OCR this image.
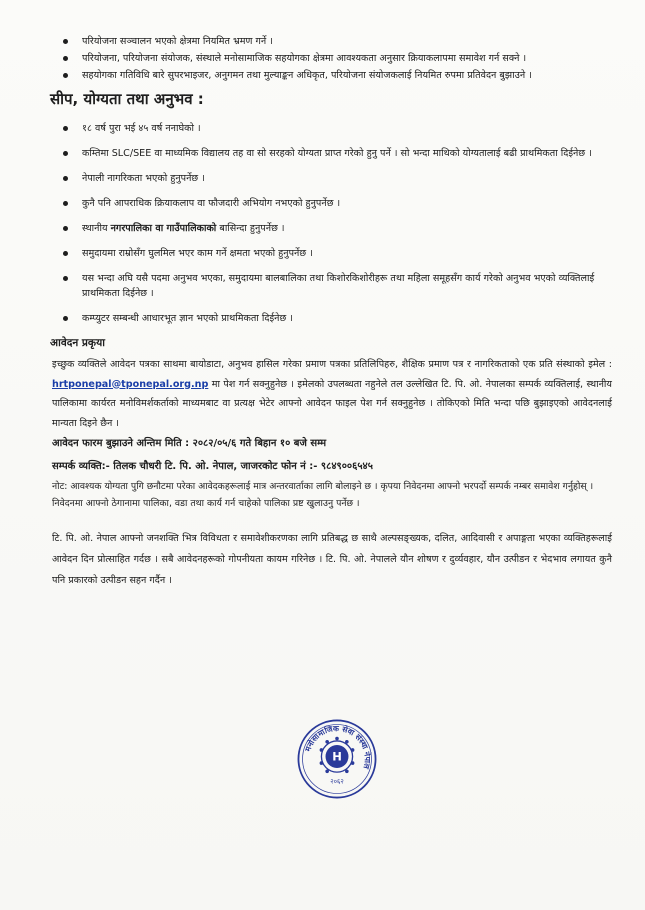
परियोजना सञ्चालन भएको क्षेत्रमा नियमित भ्रमण गर्ने ।
परियोजना, परियोजना संयोजक, संस्थाले मनोसामाजिक सहयोगका क्षेत्रमा आवश्यकता अनुसार क्रियाकलापमा समावेश गर्न सक्ने ।
सहयोगका गतिविधि बारे सुपरभाइजर, अनुगमन तथा मुल्याङ्कन अधिकृत, परियोजना संयोजकलाई नियमित रुपमा प्रतिवेदन बुझाउने ।
सीप, योग्यता तथा अनुभव :
१८ वर्ष पुरा भई ४५ वर्ष ननाघेको ।
कम्तिमा SLC/SEE वा माध्यमिक विद्यालय तह वा सो सरहको योग्यता प्राप्त गरेको हुनु पर्ने । सो भन्दा माथिको योग्यतालाई बढी प्राथमिकता दिईनेछ ।
नेपाली नागरिकता भएको हुनुपर्नेछ ।
कुनै पनि आपराधिक क्रियाकलाप वा फौजदारी अभियोग नभएको हुनुपर्नेछ ।
स्थानीय नगरपालिका वा गाउँपालिकाको बासिन्दा हुनुपर्नेछ ।
समुदायमा राम्रोसँग घुलमिल भएर काम गर्ने क्षमता भएको हुनुपर्नेछ ।
यस भन्दा अघि यसै पदमा अनुभव भएका, समुदायमा बालबालिका तथा किशोरकिशोरीहरू तथा महिला समूहसँग कार्य गरेको अनुभव भएको व्यक्तिलाई प्राथमिकता दिईनेछ ।
कम्प्युटर सम्बन्धी आधारभूत ज्ञान भएको प्राथमिकता दिईनेछ ।
आवेदन प्रकृया

इच्छुक व्यक्तिले आवेदन पत्रका साथमा बायोडाटा, अनुभव हासिल गरेका प्रमाण पत्रका प्रतिलिपिहरु, शैक्षिक प्रमाण पत्र र नागरिकताको एक प्रति संस्थाको इमेल : hrtponepal@tponepal.org.np मा पेश गर्न सक्नुहुनेछ । इमेलको उपलब्धता नहुनेले तल उल्लेखित टि. पि. ओ. नेपालका सम्पर्क व्यक्तिलाई, स्थानीय पालिकामा कार्यरत मनोविमर्शकर्ताको माध्यमबाट वा प्रत्यक्ष भेटेर आफ्नो आवेदन फाइल पेश गर्न सक्नुहुनेछ । तोकिएको मिति भन्दा पछि बुझाइएको आवेदनलाई मान्यता दिइने छैन ।

आवेदन फारम बुझाउने अन्तिम मिति : २०८२/०५/६ गते बिहान १० बजे सम्म
सम्पर्क व्यक्ति:- तिलक चौधरी टि. पि. ओ. नेपाल, जाजरकोट फोन नं :- ९८४९००६५४५
नोट: आवश्यक योग्यता पुगि छनौटमा परेका आवेदकहरूलाई मात्र अन्तरवार्ताका लागि बोलाइने छ । कृपया निवेदनमा आफ्नो भरपर्दो सम्पर्क नम्बर समावेश गर्नुहोस् । निवेदनमा आफ्नो ठेगानामा पालिका, वडा तथा कार्य गर्न चाहेको पालिका प्रष्ट खुलाउनु पर्नेछ ।
टि. पि. ओ. नेपाल आफ्नो जनशक्ति भित्र विविधता र समावेशीकरणका लागि प्रतिबद्ध छ साथै अल्पसङ्ख्यक, दलित, आदिवासी र अपाङ्गता भएका व्यक्तिहरूलाई आवेदन दिन प्रोत्साहित गर्दछ । सबै आवेदनहरूको गोपनीयता कायम गरिनेछ । टि. पि. ओ. नेपालले यौन शोषण र दुर्व्यवहार, यौन उत्पीडन र भेदभाव लगायत कुनै पनि प्रकारको उत्पीडन सहन गर्दैन ।
मनोसामाजिक सेवा संस्था नेपाल
H
२०६२
